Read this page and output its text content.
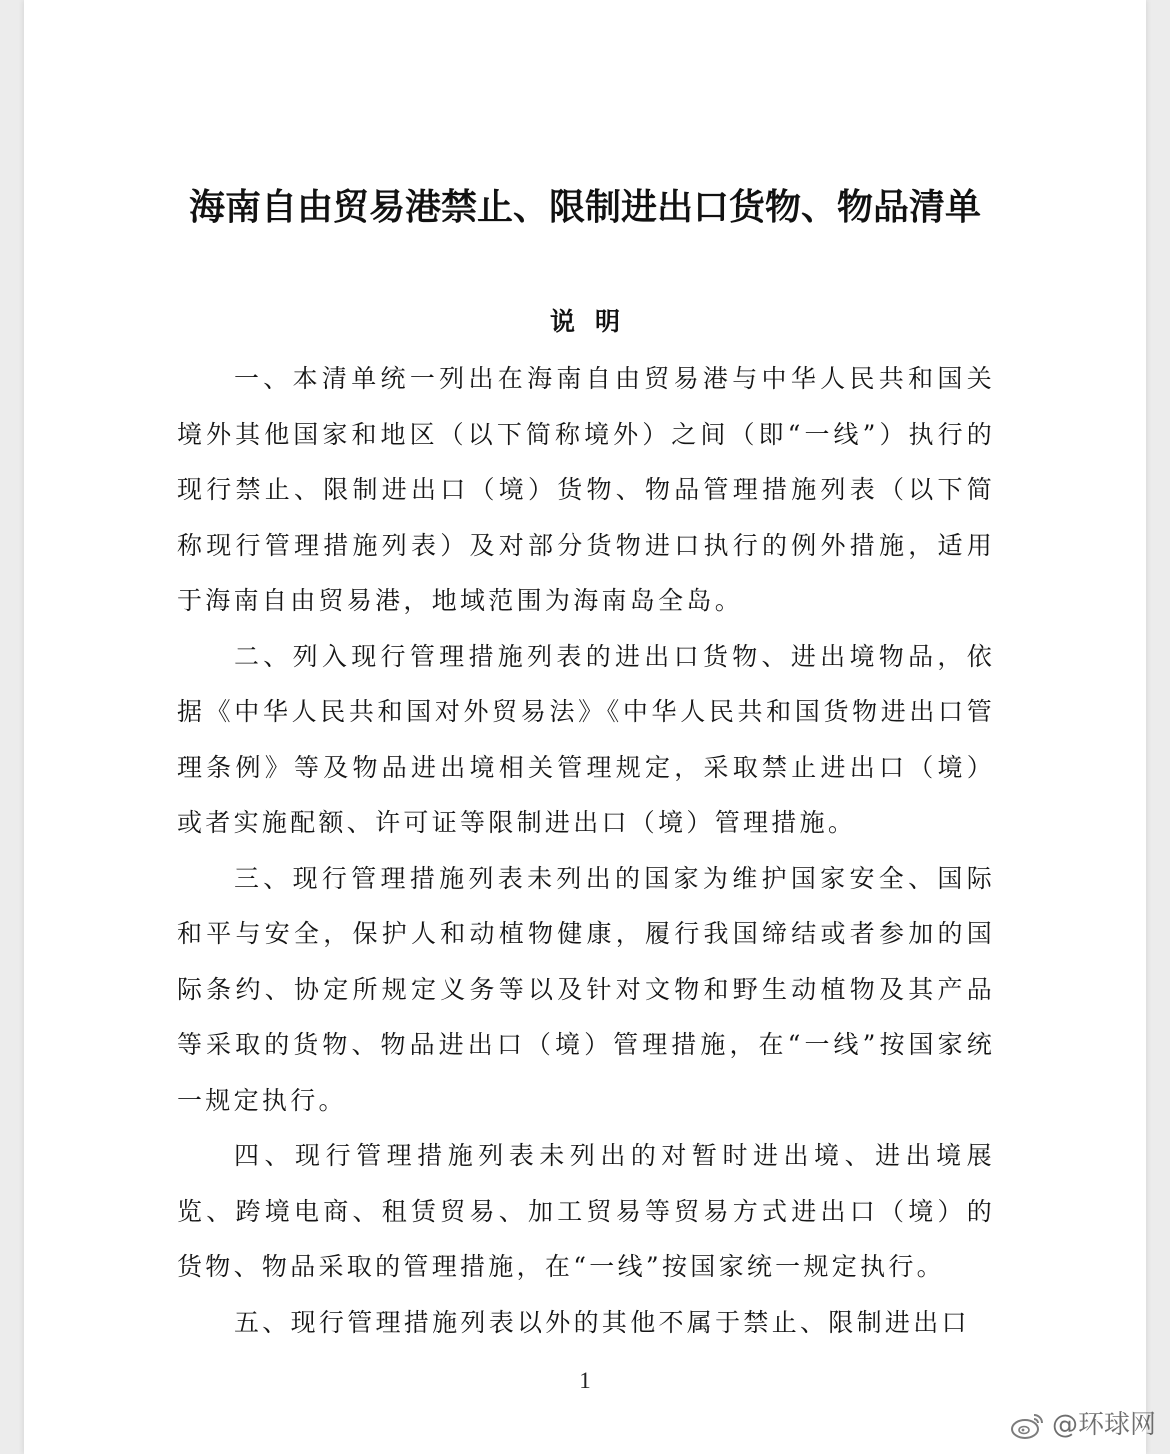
海南自由贸易港禁止、限制进出口货物、物品清单
说明

一、本清单统一列出在海南自由贸易港与中华人民共和国关境外其他国家和地区（以下简称境外）之间（即“一线”）执行的现行禁止、限制进出口（境）货物、物品管理措施列表（以下简称现行管理措施列表）及对部分货物进口执行的例外措施，适用于海南自由贸易港，地域范围为海南岛全岛。

二、列入现行管理措施列表的进出口货物、进出境物品，依据《中华人民共和国对外贸易法》《中华人民共和国货物进出口管理条例》等及物品进出境相关管理规定，采取禁止进出口（境）或者实施配额、许可证等限制进出口（境）管理措施。

三、现行管理措施列表未列出的国家为维护国家安全、国际和平与安全，保护人和动植物健康，履行我国缔结或者参加的国际条约、协定所规定义务等以及针对文物和野生动植物及其产品等采取的货物、物品进出口（境）管理措施，在“一线”按国家统一规定执行。

四、现行管理措施列表未列出的对暂时进出境、进出境展览、跨境电商、租赁贸易、加工贸易等贸易方式进出口（境）的货物、物品采取的管理措施，在“一线”按国家统一规定执行。

五、现行管理措施列表以外的其他不属于禁止、限制进出口

1
@环球网
